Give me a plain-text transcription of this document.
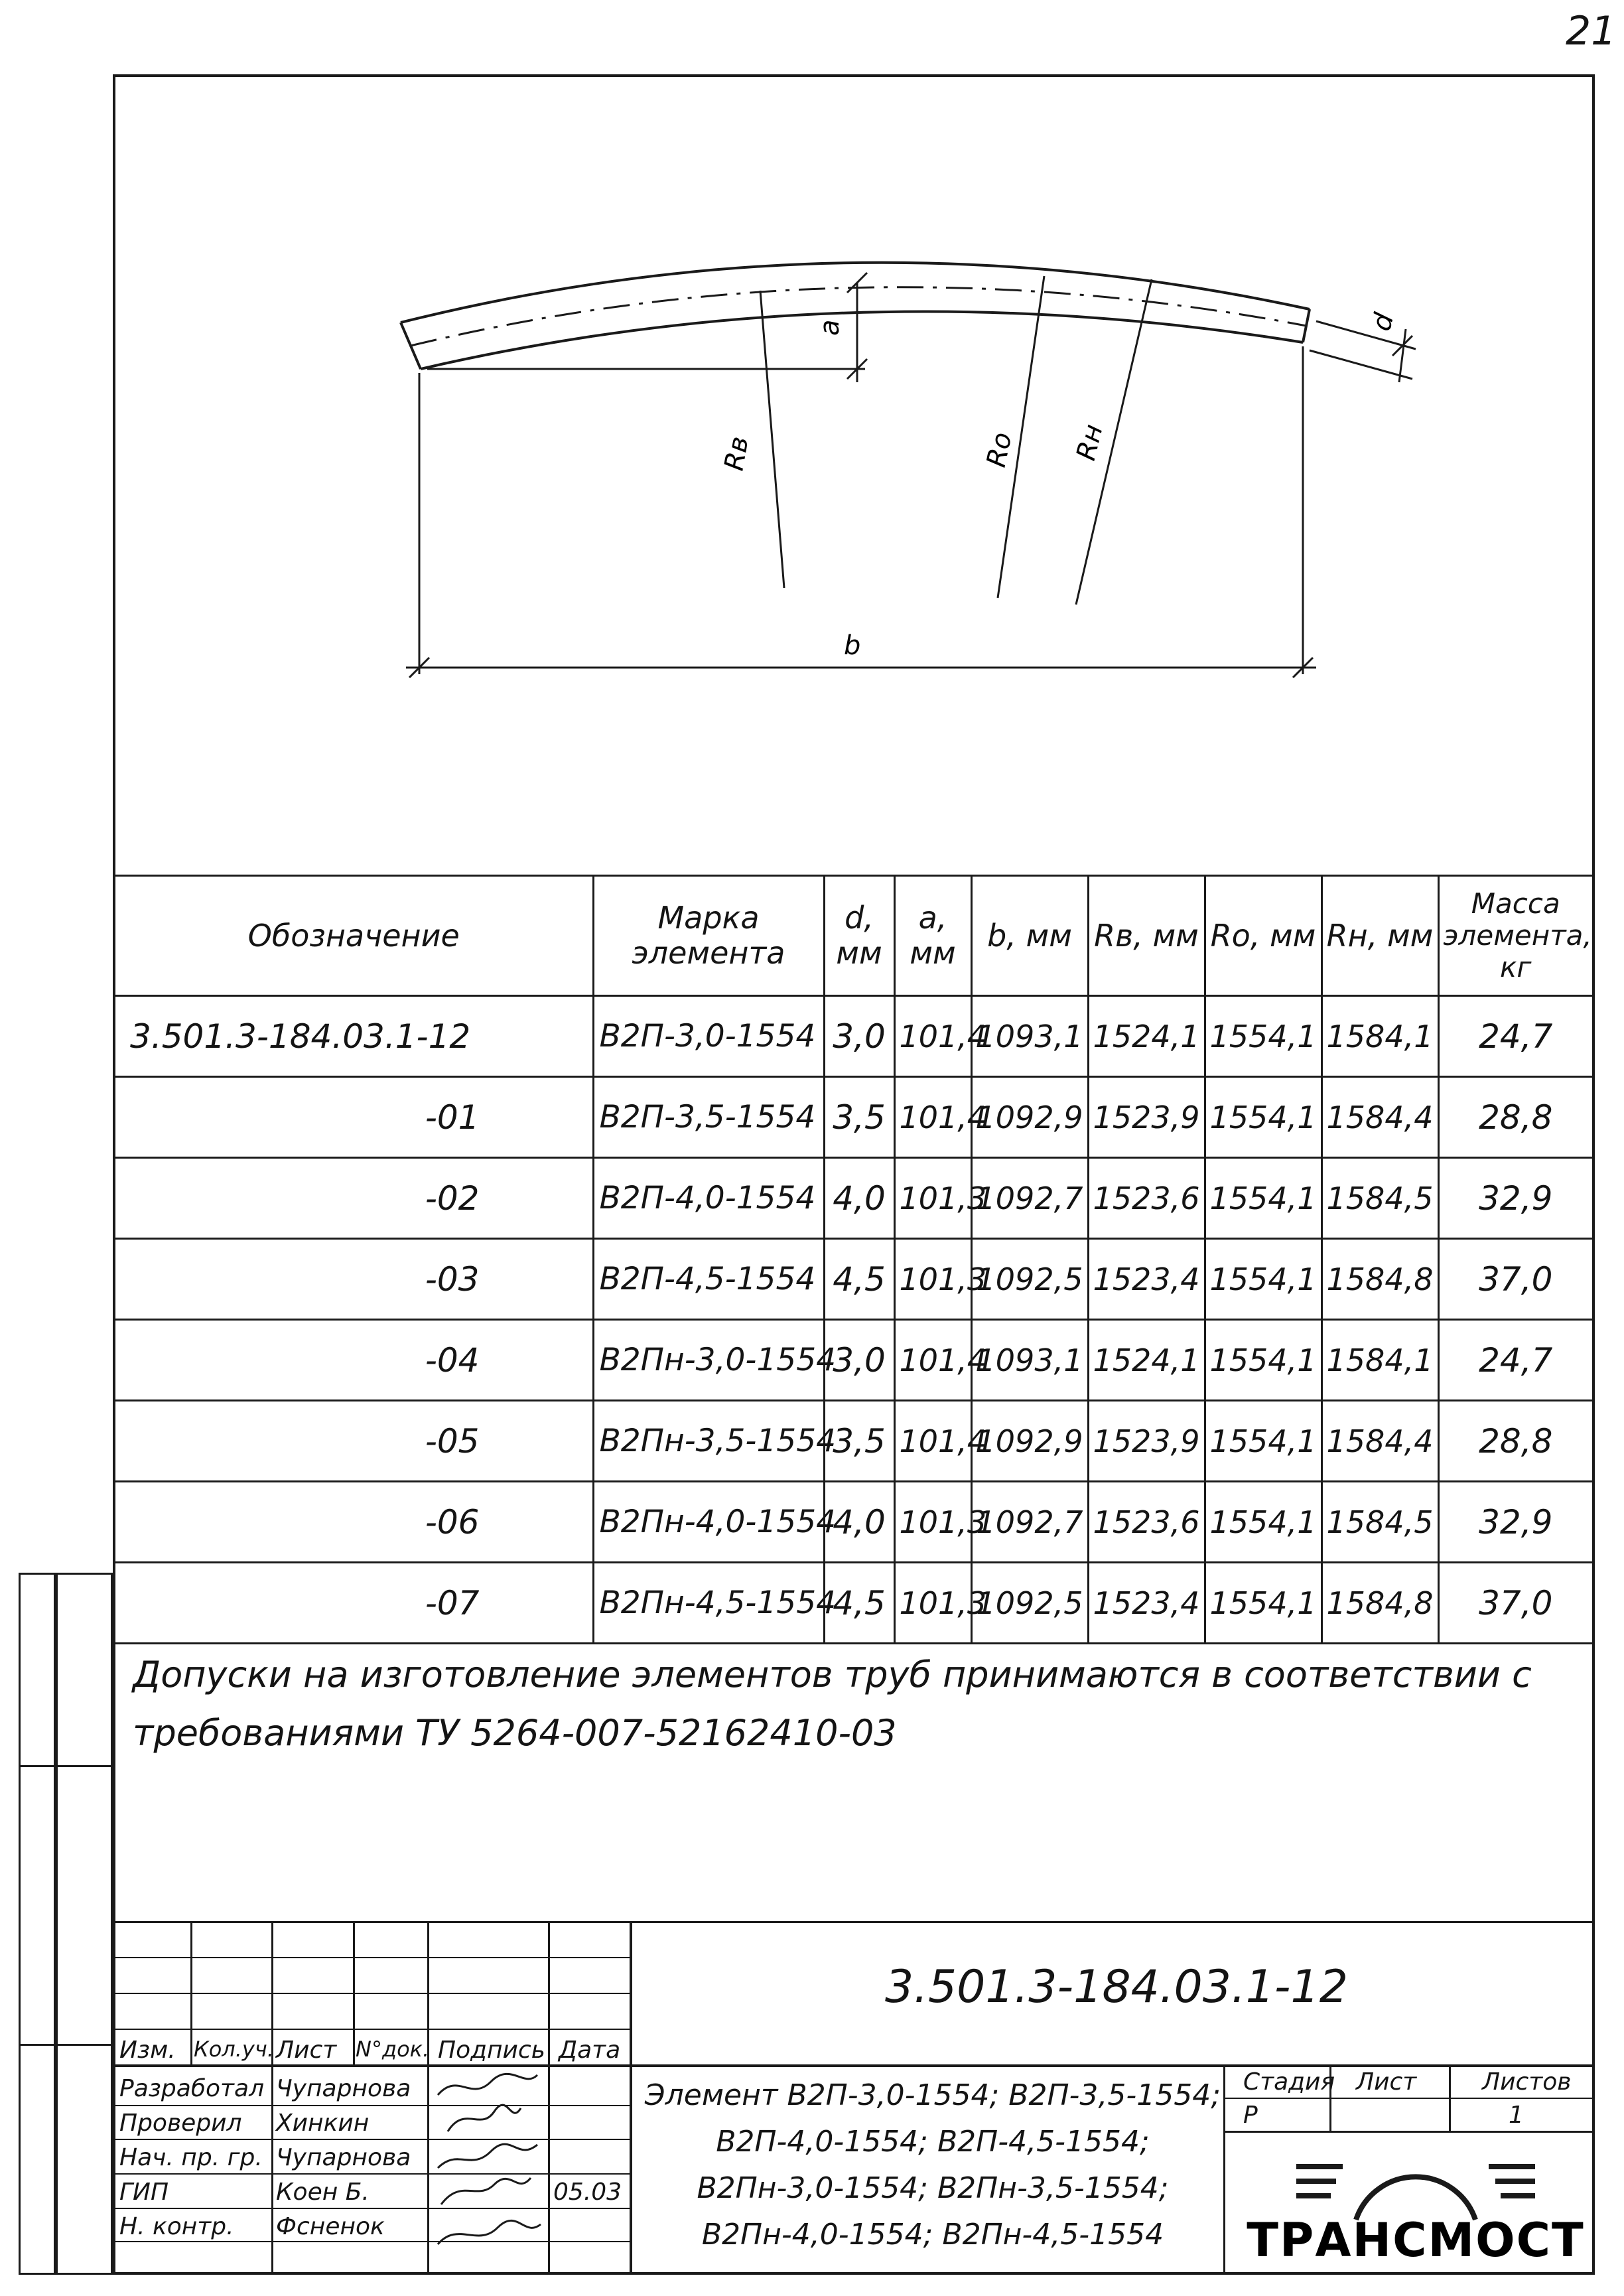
21
a
b
d
Rв	Rо Rн
Обозначение	Марка элемента	d, мм	a, мм	b, мм	Rв, мм	Rо, мм	Rн, мм	Масса элемента, кг
3.501.3-184.03.1-12	В2П-3,0-1554	3,0	101,4	1093,1	1524,1	1554,1	1584,1	24,7
-01	В2П-3,5-1554	3,5	101,4	1092,9	1523,9	1554,1	1584,4	28,8
-02	В2П-4,0-1554	4,0	101,3	1092,7	1523,6	1554,1	1584,5	32,9
-03	В2П-4,5-1554	4,5	101,3	1092,5	1523,4	1554,1	1584,8	37,0
-04	В2Пн-3,0-1554	3,0	101,4	1093,1	1524,1	1554,1	1584,1	24,7
-05	В2Пн-3,5-1554	3,5	101,4	1092,9	1523,9	1554,1	1584,4	28,8
-06	В2Пн-4,0-1554	4,0	101,3	1092,7	1523,6	1554,1	1584,5	32,9
-07	В2Пн-4,5-1554	4,5	101,3	1092,5	1523,4	1554,1	1584,8	37,0
Допуски на изготовление элементов труб принимаются в соответствии с
требованиями ТУ 5264-007-52162410-03
Изм. Кол.уч. Лист N°док. Подпись Дата
Разработал Чупарнова
Проверил Хинкин
Нач. пр. гр. Чупарнова
ГИП	Коен Б.	05.03
Н. контр. Фсненок
3.501.3-184.03.1-12
Элемент В2П-3,0-1554; В2П-3,5-1554;
В2П-4,0-1554; В2П-4,5-1554;
В2Пн-3,0-1554; В2Пн-3,5-1554;
В2Пн-4,0-1554; В2Пн-4,5-1554
Стадия Лист	Листов
Р	1
ТРАНСМОСТ
